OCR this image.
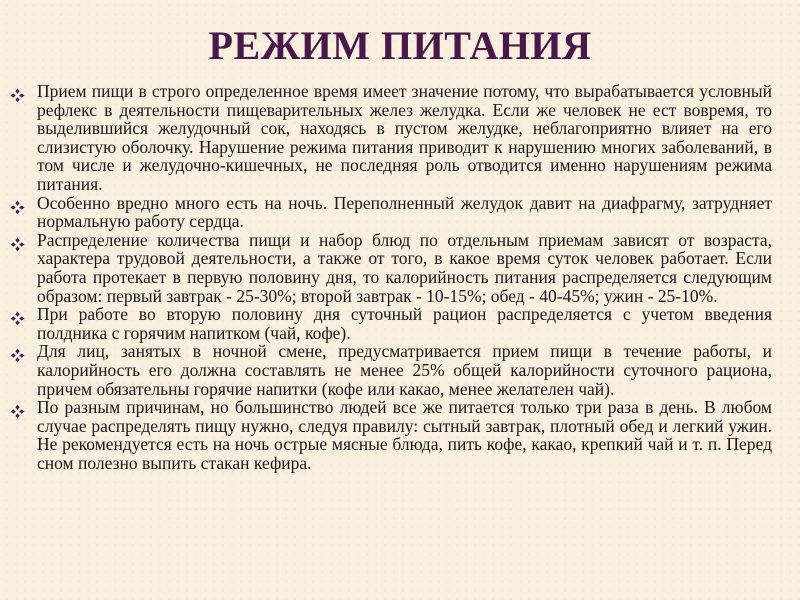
РЕЖИМ ПИТАНИЯ

Прием пищи в строго определенное время имеет значение потому, что вырабатывается условный рефлекс в деятельности пищеварительных желез желудка. Если же человек не ест вовремя, то выделившийся желудочный сок, находясь в пустом желудке, неблагоприятно влияет на его слизистую оболочку. Нарушение режима питания приводит к нарушению многих заболеваний, в том числе и желудочно-кишечных, не последняя роль отводится именно нарушениям режима питания.

Особенно вредно много есть на ночь. Переполненный желудок давит на диафрагму, затрудняет нормальную работу сердца.

Распределение количества пищи и набор блюд по отдельным приемам зависят от возраста, характера трудовой деятельности, а также от того, в какое время суток человек работает. Если работа протекает в первую половину дня, то калорийность питания распределяется следующим образом: первый завтрак - 25-30%; второй завтрак - 10-15%; обед - 40-45%; ужин - 25-10%.

При работе во вторую половину дня суточный рацион распределяется с учетом введения полдника с горячим напитком (чай, кофе).

Для лиц, занятых в ночной смене, предусматривается прием пищи в течение работы, и калорийность его должна составлять не менее 25% общей калорийности суточного рациона, причем обязательны горячие напитки (кофе или какао, менее желателен чай).

По разным причинам, но большинство людей все же питается только три раза в день. В любом случае распределять пищу нужно, следуя правилу: сытный завтрак, плотный обед и легкий ужин. Не рекомендуется есть на ночь острые мясные блюда, пить кофе, какао, крепкий чай и т. п. Перед сном полезно выпить стакан кефира.
